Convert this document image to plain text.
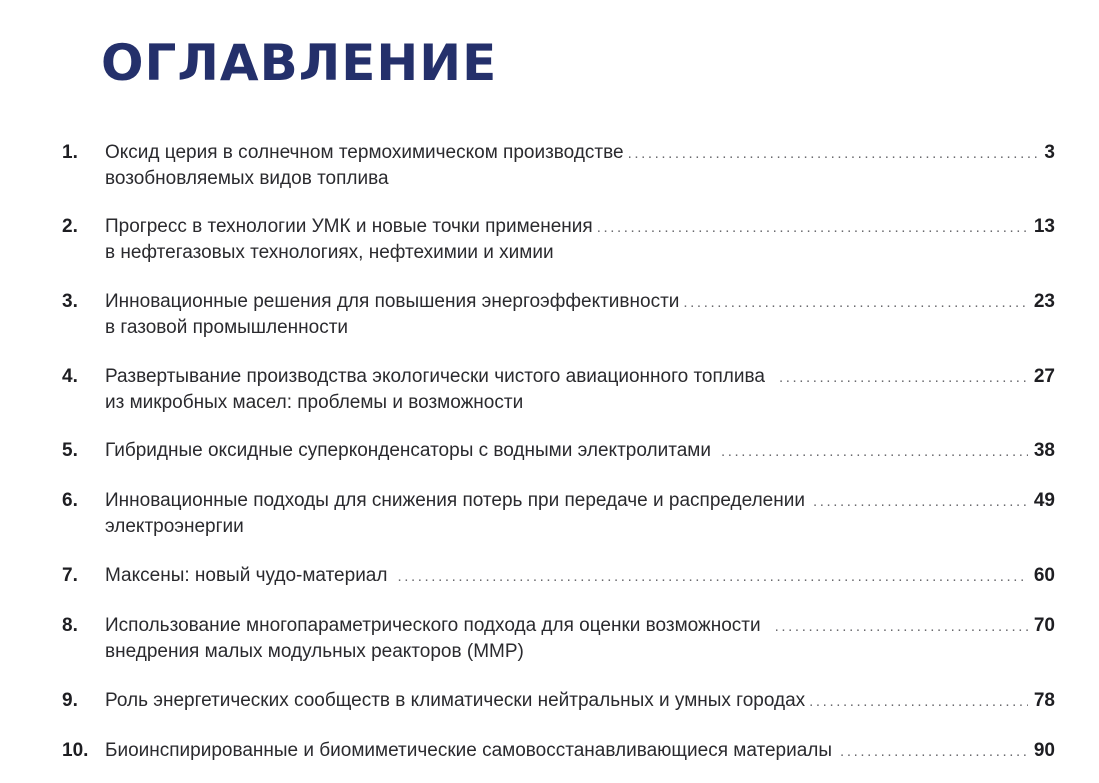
ОГЛАВЛЕНИЕ
1.	Оксид церия в солнечном термохимическом производстве .....	3
возобновляемых видов топлива
2.	Прогресс в технологии УМК и новые точки применения .....	13
в нефтегазовых технологиях, нефтехимии и химии
3.	Инновационные решения для повышения энергоэффективности .....	23
в газовой промышленности
4.	Развертывание производства экологически чистого авиационного топлива .....	27
из микробных масел: проблемы и возможности
5.	Гибридные оксидные суперконденсаторы с водными электролитами .....	38
6.	Инновационные подходы для снижения потерь при передаче и распределении .....	49
электроэнергии
7.	Максены: новый чудо-материал .....	60
8.	Использование многопараметрического подхода для оценки возможности .....	70
внедрения малых модульных реакторов (ММР)
9.	Роль энергетических сообществ в климатически нейтральных и умных городах .....	78
10. Биоинспирированные и биомиметические самовосстанавливающиеся материалы .....	90
